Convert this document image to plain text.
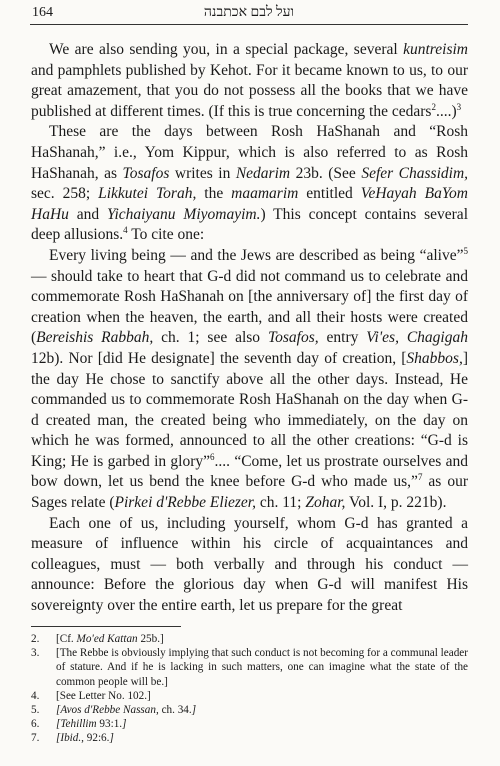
164	ועל לבם אכתבנה

We are also sending you, in a special package, several kuntreisim and pamphlets published by Kehot. For it became known to us, to our great amazement, that you do not possess all the books that we have published at different times. (If this is true concerning the cedars$^2$....)$^3$

These are the days between Rosh HaShanah and “Rosh HaShanah,” i.e., Yom Kippur, which is also referred to as Rosh HaShanah, as Tosafos writes in Nedarim 23b. (See Sefer Chassidim, sec. 258; Likkutei Torah, the maamarim entitled VeHayah BaYom HaHu and Yichaiyanu Miyomayim.) This concept contains several deep allusions.$^4$ To cite one:

Every living being — and the Jews are described as being “alive”$^5$ — should take to heart that G-d did not command us to celebrate and commemorate Rosh HaShanah on [the anniversary of] the first day of creation when the heaven, the earth, and all their hosts were created (Bereishis Rabbah, ch. 1; see also Tosafos, entry Vi'es, Chagigah 12b). Nor [did He designate] the seventh day of creation, [Shabbos,] the day He chose to sanctify above all the other days. Instead, He commanded us to commemorate Rosh HaShanah on the day when G-d created man, the created being who immediately, on the day on which he was formed, announced to all the other creations: “G-d is King; He is garbed in glory”$^6$.... “Come, let us prostrate ourselves and bow down, let us bend the knee before G-d who made us,”$^7$ as our Sages relate (Pirkei d'Rebbe Eliezer, ch. 11; Zohar, Vol. I, p. 221b).

Each one of us, including yourself, whom G-d has granted a measure of influence within his circle of acquaintances and colleagues, must — both verbally and through his conduct — announce: Before the glorious day when G-d will manifest His sovereignty over the entire earth, let us prepare for the great

2. [Cf. Mo'ed Kattan 25b.]
3. [The Rebbe is obviously implying that such conduct is not becoming for a communal leader of stature. And if he is lacking in such matters, one can imagine what the state of the common people will be.]
4. [See Letter No. 102.]
5. [Avos d'Rebbe Nassan, ch. 34.]
6. [Tehillim 93:1.]
7. [Ibid., 92:6.]
